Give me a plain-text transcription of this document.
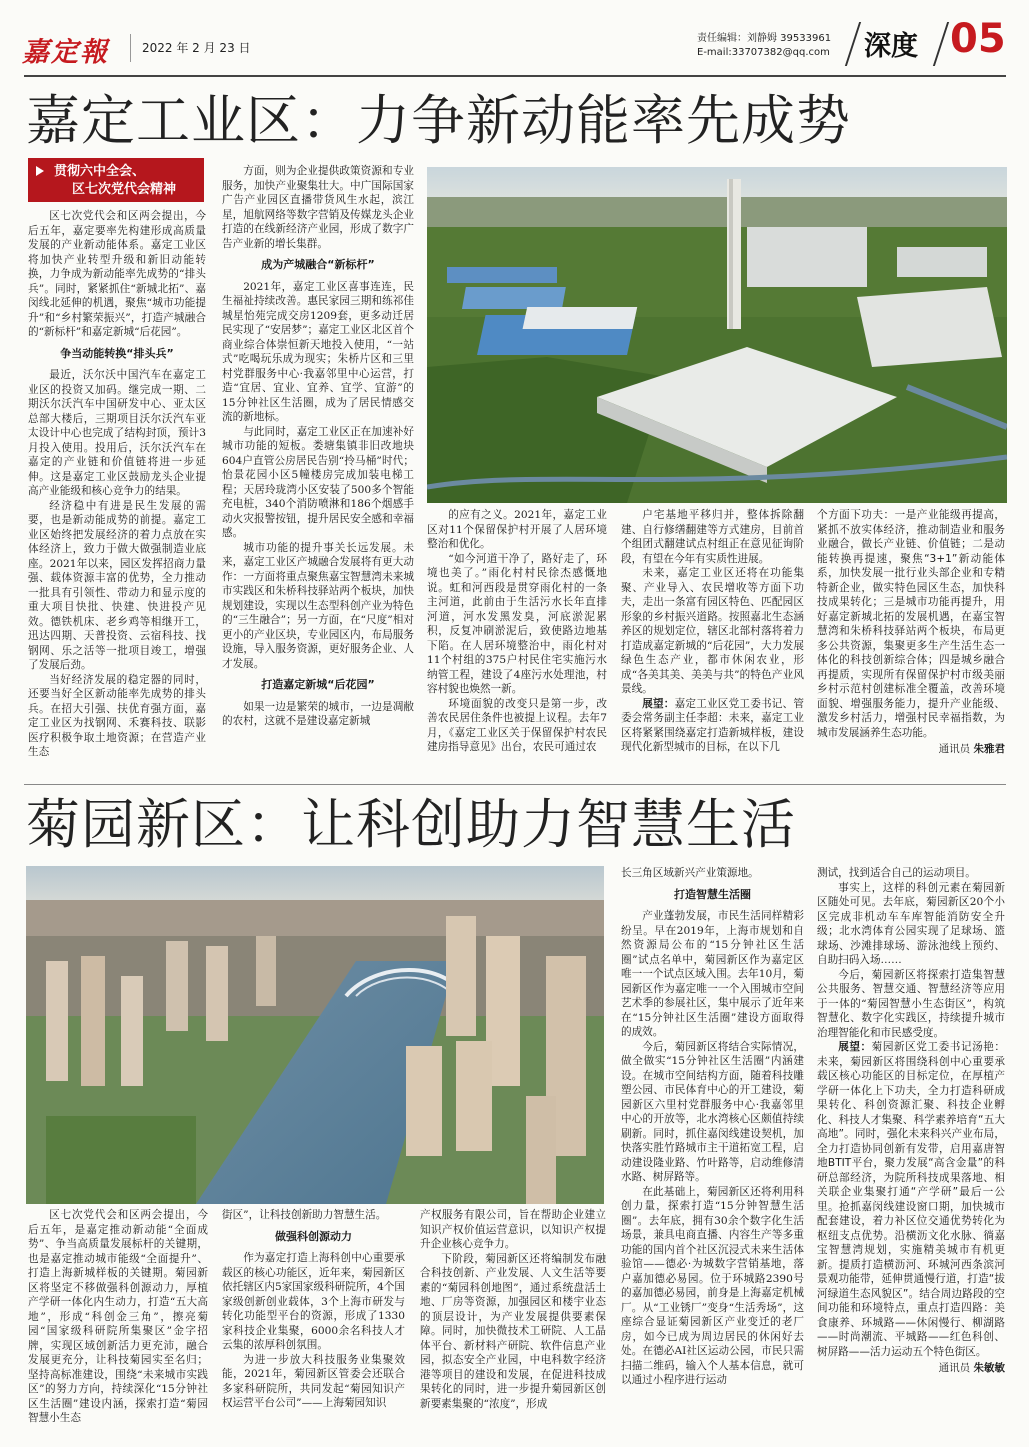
嘉定報	2022 年 2 月 23 日
责任编辑：刘静姆 39533961
E-mail:33707382@qq.com 深度 05
嘉定工业区：力争新动能率先成势
贯彻六中全会、
区七次党代会精神

区七次党代会和区两会提出，今后五年，嘉定要率先构建形成高质量发展的产业新动能体系。嘉定工业区将加快产业转型升级和新旧动能转换，力争成为新动能率先成势的“排头兵”。同时，紧紧抓住“新城北拓”、嘉闵线北延伸的机遇，聚焦“城市功能提升”和“乡村繁荣振兴”，打造产城融合的“新标杆”和嘉定新城“后花园”。

争当动能转换“排头兵”

最近，沃尔沃中国汽车在嘉定工业区的投资又加码。继完成一期、二期沃尔沃汽车中国研发中心、亚太区总部大楼后，三期项目沃尔沃汽车亚太设计中心也完成了结构封顶，预计3月投入使用。投用后，沃尔沃汽车在嘉定的产业链和价值链将进一步延伸。这是嘉定工业区鼓励龙头企业提高产业能级和核心竞争力的结果。

经济稳中有进是民生发展的需要，也是新动能成势的前提。嘉定工业区始终把发展经济的着力点放在实体经济上，致力于做大做强制造业底座。2021年以来，园区发挥招商力量强、载体资源丰富的优势，全力推动一批具有引领性、带动力和显示度的重大项目快批、快建、快进投产见效。德铁机床、老乡鸡等相继开工，迅达四期、天普投资、云宿科技、找钢网、乐之活等一批项目竣工，增强了发展后劲。

当好经济发展的稳定器的同时，还要当好全区新动能率先成势的排头兵。在招大引强、扶优育强方面，嘉定工业区为找钢网、禾赛科技、联影医疗积极争取土地资源；在营造产业生态

方面，则为企业提供政策资源和专业服务，加快产业聚集壮大。中广国际国家广告产业园区直播带货风生水起，滨江星，旭航网络等数字营销及传媒龙头企业打造的在线新经济产业园，形成了数字广告产业新的增长集群。

成为产城融合“新标杆”

2021年，嘉定工业区喜事连连，民生福祉持续改善。惠民家园三期和练祁佳城星怡苑完成交房1209套，更多动迁居民实现了“安居梦”；嘉定工业区北区首个商业综合体崇恒新天地投入使用，“一站式”吃喝玩乐成为现实；朱桥片区和三里村党群服务中心·我嘉邻里中心运营，打造“宜居、宜业、宜养、宜学、宜游”的15分钟社区生活圈，成为了居民情感交流的新地标。

与此同时，嘉定工业区正在加速补好城市功能的短板。娄塘集镇非旧改地块604户直管公房居民告别“拎马桶”时代；怡景花园小区5幢楼房完成加装电梯工程；天居玲珑湾小区安装了500多个智能充电桩，340个消防喷淋和186个烟感手动火灾报警按钮，提升居民安全感和幸福感。

城市功能的提升事关长远发展。未来，嘉定工业区产城融合发展将有更大动作：一方面将重点聚焦嘉宝智慧湾未来城市实践区和朱桥科技驿站两个板块，加快规划建设，实现以生态型科创产业为特色的“三生融合”；另一方面，在“尺度”相对更小的产业区块，专业园区内，布局服务设施，导入服务资源，更好服务企业、人才发展。

打造嘉定新城“后花园”

如果一边是繁荣的城市，一边是凋敝的农村，这就不是建设嘉定新城

的应有之义。2021年，嘉定工业区对11个保留保护村开展了人居环境整治和优化。

“如今河道干净了，路好走了，环境也美了。”雨化村村民徐杰感慨地说。虹和河西段是贯穿雨化村的一条主河道，此前由于生活污水长年直排河道，河水发黑发臭，河底淤泥累积，反复冲刷淤泥后，致使路边地基下陷。在人居环境整治中，雨化村对11个村组的375户村民住宅实施污水纳管工程，建设了4座污水处理池，村容村貌也焕然一新。

环境面貌的改变只是第一步，改善农民居住条件也被提上议程。去年7月，《嘉定工业区关于保留保护村农民建房指导意见》出台，农民可通过农

户宅基地平移归并，整体拆除翻建、自行修缮翻建等方式建房，目前首个组团式翻建试点村组正在意见征询阶段，有望在今年有实质性进展。

未来，嘉定工业区还将在功能集聚、产业导入、农民增收等方面下功夫，走出一条富有园区特色、匹配园区形象的乡村振兴道路。按照嘉北生态涵养区的规划定位，辖区北部村落将着力打造成嘉定新城的“后花园”，大力发展绿色生态产业，都市休闲农业，形成“各美其美、美美与共”的特色产业风景线。

展望：嘉定工业区党工委书记、管委会常务副主任李超：未来，嘉定工业区将紧紧围绕嘉定打造新城样板，建设现代化新型城市的目标，在以下几

个方面下功夫：一是产业能级再提高，紧抓不放实体经济，推动制造业和服务业融合，做长产业链、价值链；二是动能转换再提速，聚焦“3+1”新动能体系，加快发展一批行业头部企业和专精特新企业，做实特色园区生态，加快科技成果转化；三是城市功能再提升，用好嘉定新城北拓的发展机遇，在嘉宝智慧湾和朱桥科技驿站两个板块，布局更多公共资源，集聚更多生产生活生态一体化的科技创新综合体；四是城乡融合再提质，实现所有保留保护村市级美丽乡村示范村创建标准全覆盖，改善环境面貌、增强服务能力，提升产业能级、激发乡村活力，增强村民幸福指数，为城市发展涵养生态功能。

通讯员 朱雅君

菊园新区：让科创助力智慧生活

长三角区域新兴产业策源地。

打造智慧生活圈

产业蓬勃发展，市民生活同样精彩纷呈。早在2019年，上海市规划和自然资源局公布的“15分钟社区生活圈”试点名单中，菊园新区作为嘉定区唯一一个试点区域入围。去年10月，菊园新区作为嘉定唯一一个入围城市空间艺术季的参展社区，集中展示了近年来在“15分钟社区生活圈”建设方面取得的成效。

今后，菊园新区将结合实际情况，做全做实“15分钟社区生活圈”内涵建设。在城市空间结构方面，随着科技雕塑公园、市民体育中心的开工建设，菊园新区六里村党群服务中心·我嘉邻里中心的开放等，北水湾核心区颇值持续刷新。同时，抓住嘉闵线建设契机，加快落实胜竹路城市主干道拓宽工程，启动建设隆业路、竹叶路等，启动维修清水路、树屏路等。

在此基础上，菊园新区还将利用科创力量，探索打造“15分钟智慧生活圈”。去年底，拥有30余个数字化生活场景，兼具电商直播、内容生产等多重功能的国内首个社区沉浸式未来生活体验馆——德必·为城数字营销基地，落户嘉加德必易园。位于环城路2390号的嘉加德必易园，前身是上海嘉定机械厂。从“工业锈厂”变身“生活秀场”，这座综合显证菊园新区产业变迁的老厂房，如今已成为周边居民的休闲好去处。在德必AI社区运动公园，市民只需扫描二维码，输入个人基本信息，就可以通过小程序进行运动

测试，找到适合自己的运动项目。

事实上，这样的科创元素在菊园新区随处可见。去年底，菊园新区20个小区完成非机动车车库智能消防安全升级；北水湾体育公园实现了足球场、篮球场、沙滩排球场、游泳池线上预约、自助扫码入场……

今后，菊园新区将探索打造集智慧公共服务、智慧交通、智慧经济等应用于一体的“菊园智慧小生态街区”，构筑智慧化、数字化实践区，持续提升城市治理智能化和市民感受度。

展望：菊园新区党工委书记汤艳：未来，菊园新区将围绕科创中心重要承载区核心功能区的目标定位，在厚植产学研一体化上下功夫，全力打造科研成果转化、科创资源汇聚、科技企业孵化、科技人才集聚、科学素养培育“五大高地”。同时，强化未来科兴产业布局，全力打造协同创新有发带，启用嘉唐智地BTIT平台，聚力发展“高含金量”的科研总部经济，为院所科技成果落地、相关联企业集聚打通“产学研”最后一公里。抢抓嘉闵线建设窗口期，加快城市配套建设，着力补区位交通优势转化为枢纽支点优势。沿横沥文化水脉、徜嘉宝智慧湾规划，实施精美城市有机更新。提质打造横沥河、环城河西条滨河景观功能带，延伸贯通慢行道，打造“拔河绿道生态风貌区”。结合周边路段的空间功能和环境特点，重点打造四路：美食康养、环城路——休闲慢行、柳湖路——时尚潮流、平城路——红色科创、树屏路——活力运动五个特色街区。

通讯员 朱敏敏

区七次党代会和区两会提出，今后五年，是嘉定推动新动能“全面成势”、争当高质量发展标杆的关键期，也是嘉定推动城市能级“全面提升”、打造上海新城样板的关键期。菊园新区将坚定不移做强科创源动力，厚植产学研一体化内生动力，打造“五大高地”，形成“科创金三角”，擦亮菊园“国家级科研院所集聚区”金字招牌，实现区域创新活力更充沛，融合发展更充分，让科技菊园实至名归；坚持高标准建设，围绕“未来城市实践区”的努力方向，持续深化“15分钟社区生活圈”建设内涵，探索打造“菊园智慧小生态

街区”，让科技创新助力智慧生活。

做强科创源动力

作为嘉定打造上海科创中心重要承载区的核心功能区，近年来，菊园新区依托辖区内5家国家级科研院所，4个国家级创新创业载体，3个上海市研发与转化功能型平台的资源，形成了1330家科技企业集聚，6000余名科技人才云集的浓厚科创氛围。

为进一步放大科技服务业集聚效能，2021年，菊园新区管委会还联合多家科研院所，共同发起“菊园知识产权运营平台公司”——上海菊园知识

产权服务有限公司，旨在帮助企业建立知识产权价值运营意识，以知识产权提升企业核心竞争力。

下阶段，菊园新区还将编制发布融合科技创新、产业发展、人文生活等要素的“菊园科创地图”，通过系统盘活土地、厂房等资源，加强园区和楼宇业态的顶层设计，为产业发展提供要素保障。同时，加快微技术工研院、人工晶体平台、新材料产研院、软件信息产业园，拟态安全产业园，中电科数字经济港等项目的建设和发展，在促进科技成果转化的同时，进一步提升菊园新区创新要素集聚的“浓度”，形成
